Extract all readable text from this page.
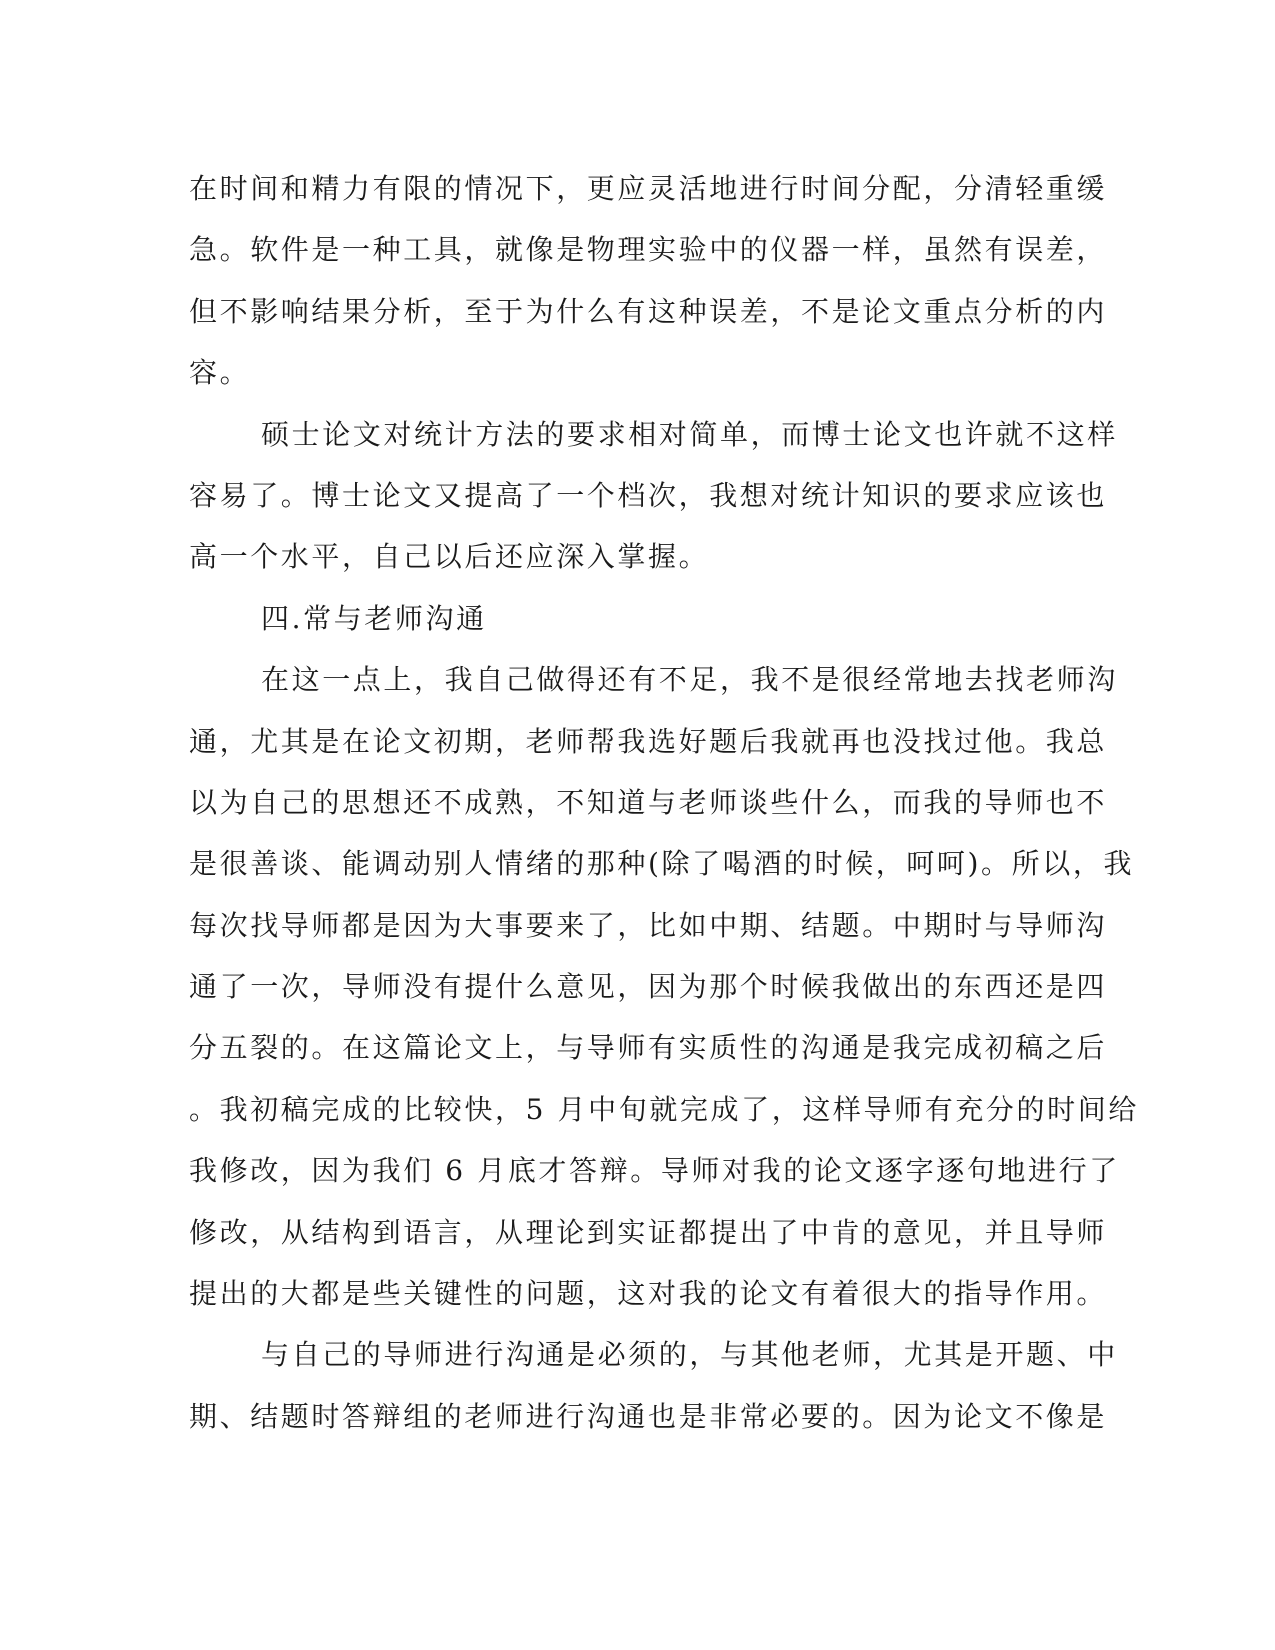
在时间和精力有限的情况下，更应灵活地进行时间分配，分清轻重缓
急。软件是一种工具，就像是物理实验中的仪器一样，虽然有误差，
但不影响结果分析，至于为什么有这种误差，不是论文重点分析的内
容。
硕士论文对统计方法的要求相对简单，而博士论文也许就不这样
容易了。博士论文又提高了一个档次，我想对统计知识的要求应该也
高一个水平，自己以后还应深入掌握。
四.常与老师沟通
在这一点上，我自己做得还有不足，我不是很经常地去找老师沟
通，尤其是在论文初期，老师帮我选好题后我就再也没找过他。我总
以为自己的思想还不成熟，不知道与老师谈些什么，而我的导师也不
是很善谈、能调动别人情绪的那种(除了喝酒的时候，呵呵)。所以，我
每次找导师都是因为大事要来了，比如中期、结题。中期时与导师沟
通了一次，导师没有提什么意见，因为那个时候我做出的东西还是四
分五裂的。在这篇论文上，与导师有实质性的沟通是我完成初稿之后
。我初稿完成的比较快，5 月中旬就完成了，这样导师有充分的时间给
我修改，因为我们 6 月底才答辩。导师对我的论文逐字逐句地进行了
修改，从结构到语言，从理论到实证都提出了中肯的意见，并且导师
提出的大都是些关键性的问题，这对我的论文有着很大的指导作用。
与自己的导师进行沟通是必须的，与其他老师，尤其是开题、中
期、结题时答辩组的老师进行沟通也是非常必要的。因为论文不像是
